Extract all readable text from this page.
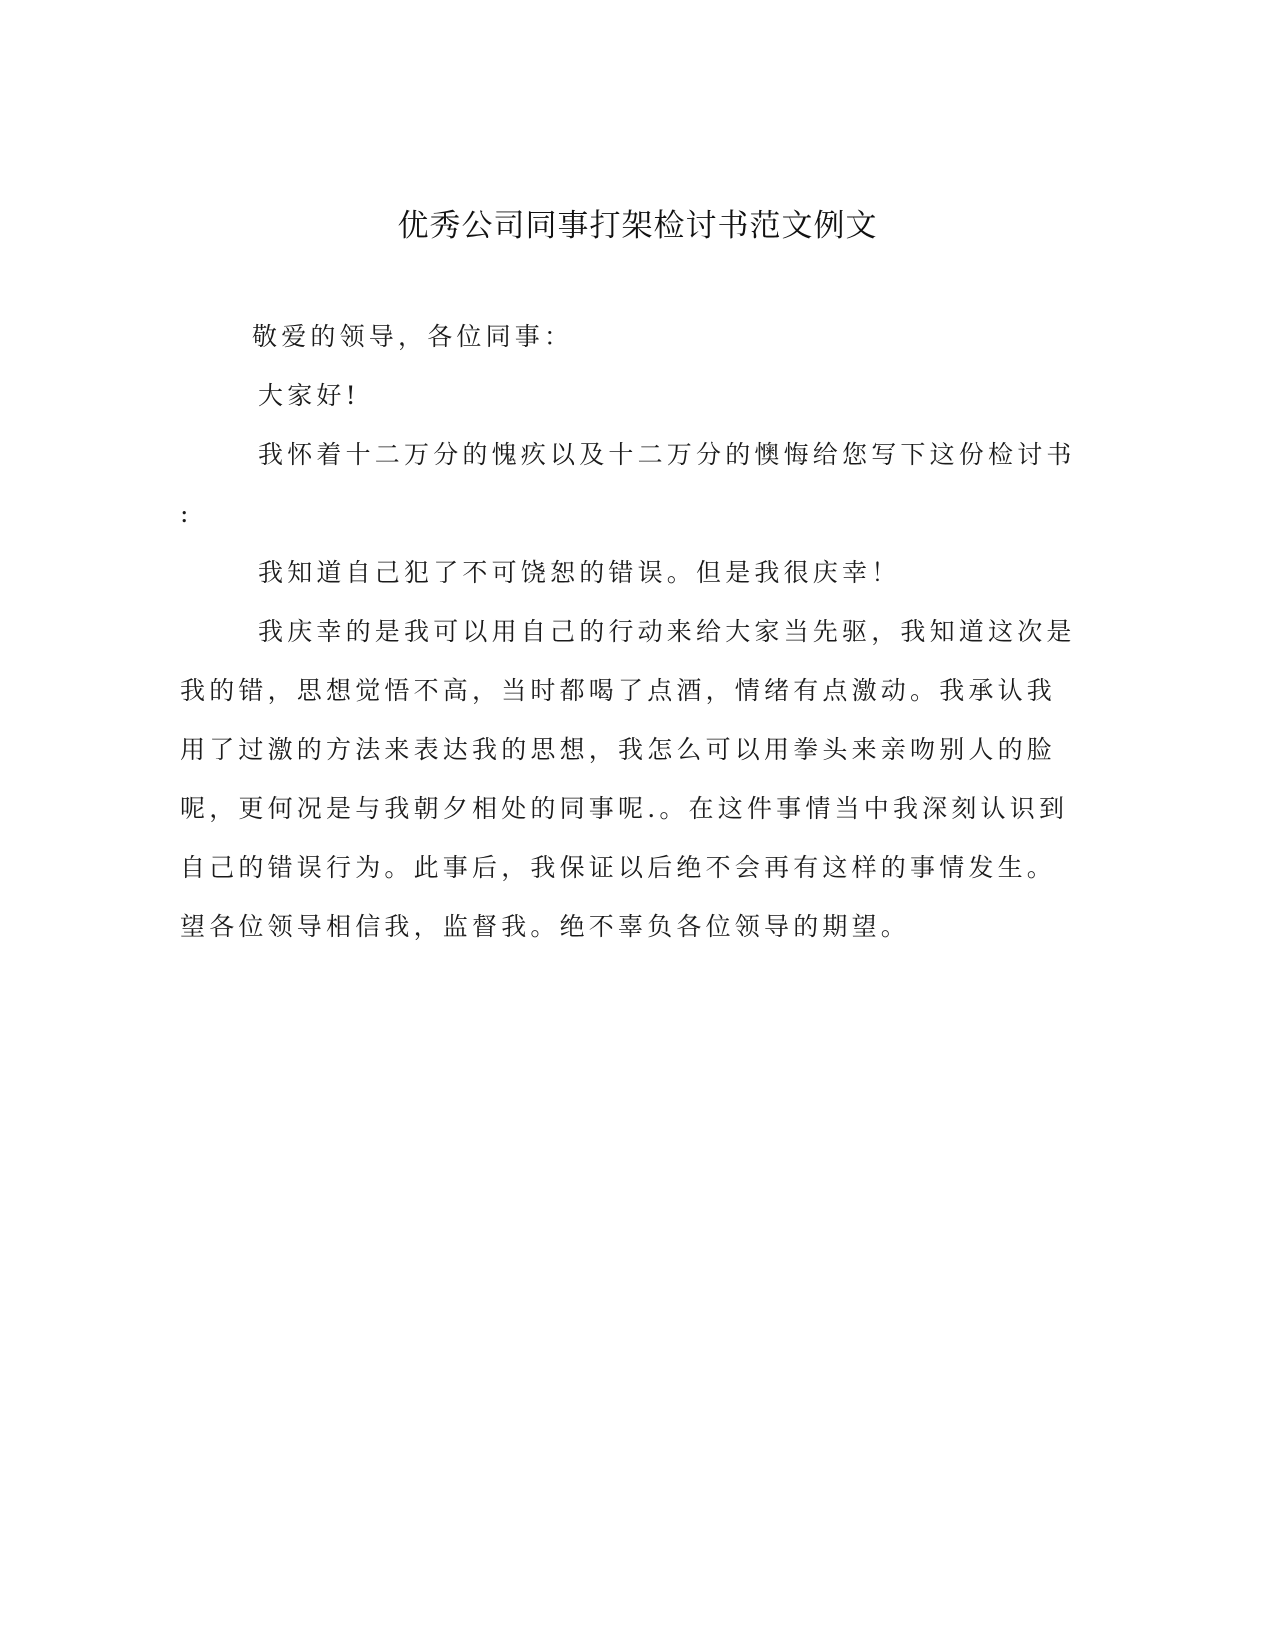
优秀公司同事打架检讨书范文例文
敬爱的领导，各位同事：
大家好!
我怀着十二万分的愧疚以及十二万分的懊悔给您写下这份检讨书
:
我知道自己犯了不可饶恕的错误。但是我很庆幸！
我庆幸的是我可以用自己的行动来给大家当先驱，我知道这次是
我的错，思想觉悟不高，当时都喝了点酒，情绪有点激动。我承认我
用了过激的方法来表达我的思想，我怎么可以用拳头来亲吻别人的脸
呢，更何况是与我朝夕相处的同事呢.。在这件事情当中我深刻认识到
自己的错误行为。此事后，我保证以后绝不会再有这样的事情发生。
望各位领导相信我，监督我。绝不辜负各位领导的期望。
